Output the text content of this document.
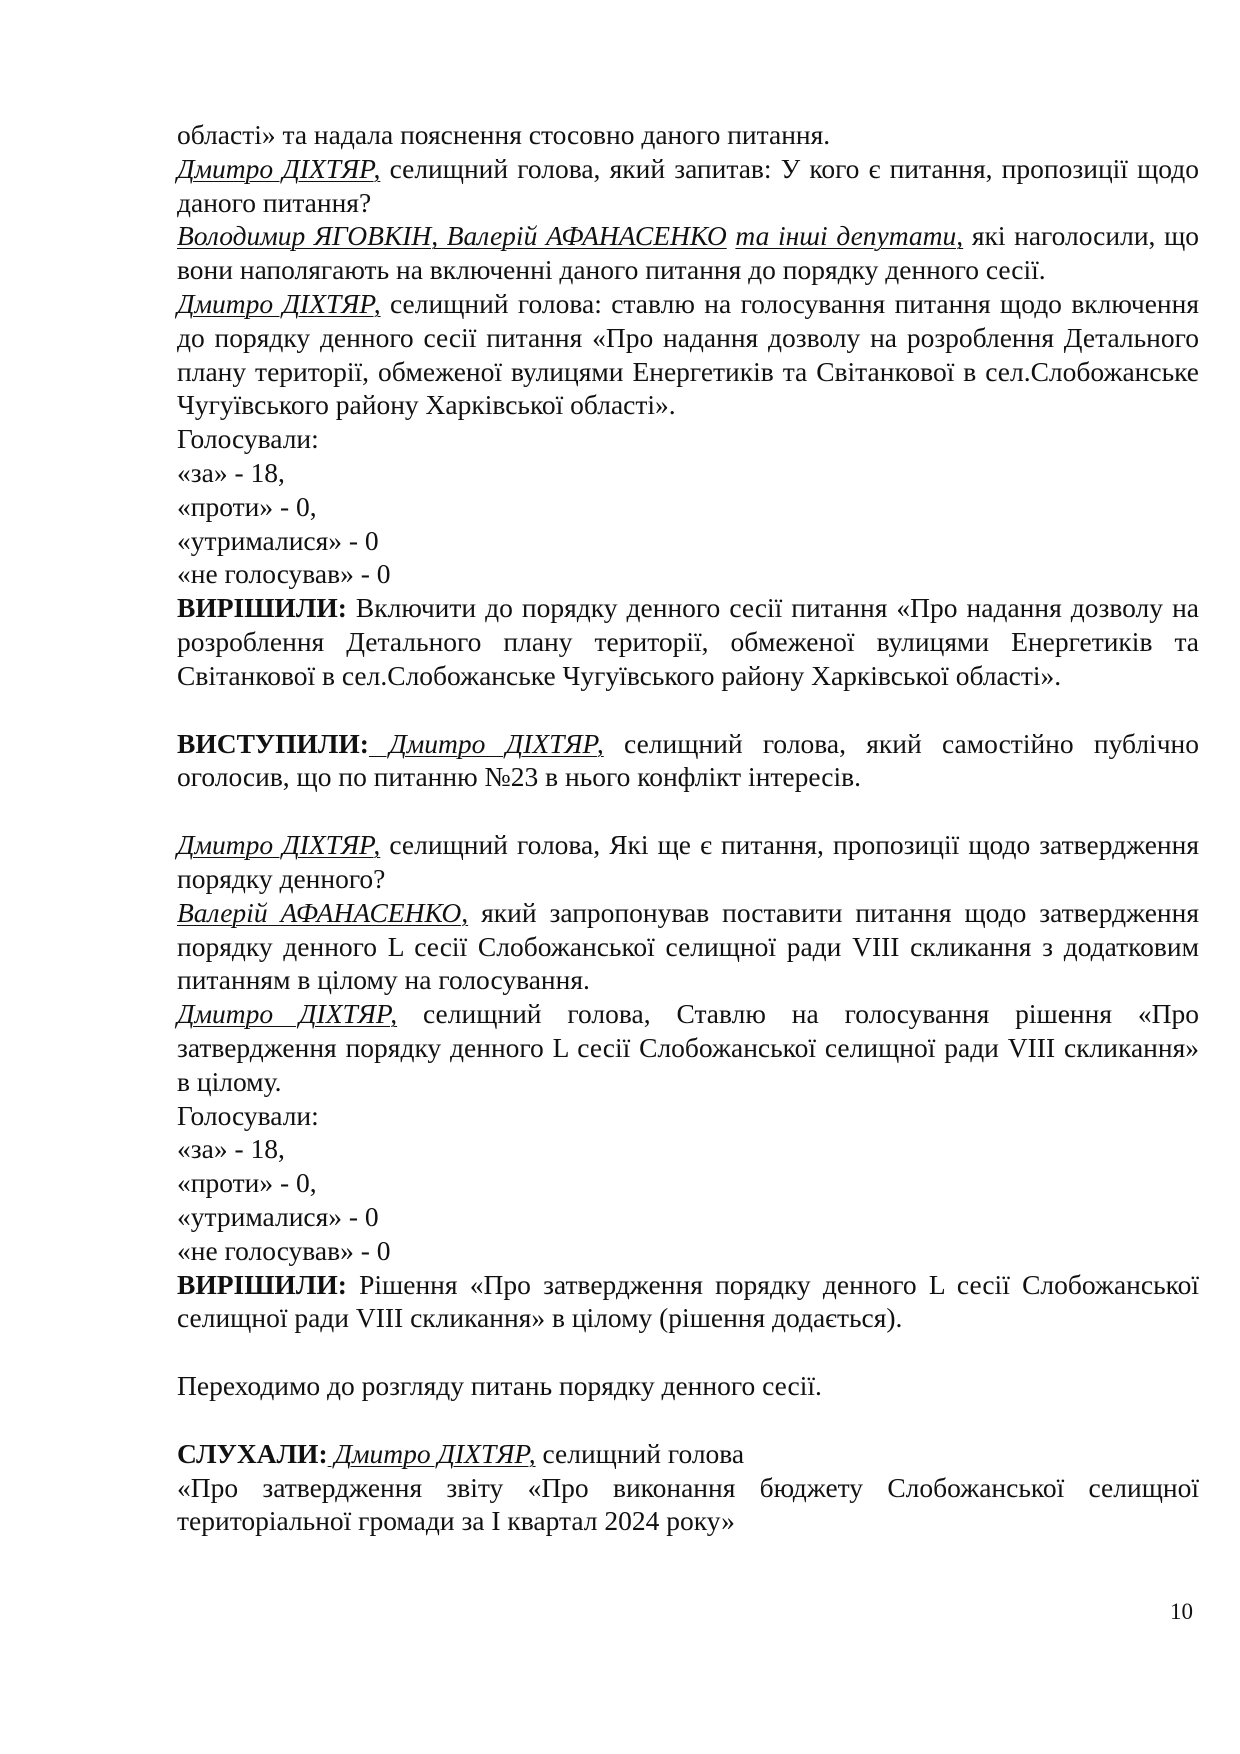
області» та надала пояснення стосовно даного питання.

Дмитро ДІХТЯР, селищний голова, який запитав: У кого є питання, пропозиції щодо даного питання?

Володимир ЯГОВКІН, Валерій АФАНАСЕНКО та інші депутати, які наголосили, що вони наполягають на включенні даного питання до порядку денного сесії.

Дмитро ДІХТЯР, селищний голова: ставлю на голосування питання щодо включення до порядку денного сесії питання «Про надання дозволу на розроблення Детального плану території, обмеженої вулицями Енергетиків та Світанкової в сел.Слобожанське Чугуївського району Харківської області».

Голосували:

«за» - 18,

«проти» - 0,

«утрималися» - 0

«не голосував» - 0

ВИРІШИЛИ: Включити до порядку денного сесії питання «Про надання дозволу на розроблення Детального плану території, обмеженої вулицями Енергетиків та Світанкової в сел.Слобожанське Чугуївського району Харківської області».

ВИСТУПИЛИ: Дмитро ДІХТЯР, селищний голова, який самостійно публічно оголосив, що по питанню №23 в нього конфлікт інтересів.

Дмитро ДІХТЯР, селищний голова, Які ще є питання, пропозиції щодо затвердження порядку денного?

Валерій АФАНАСЕНКО, який запропонував поставити питання щодо затвердження порядку денного L сесії Слобожанської селищної ради VIII скликання з додатковим питанням в цілому на голосування.

Дмитро ДІХТЯР, селищний голова, Ставлю на голосування рішення «Про затвердження порядку денного L сесії Слобожанської селищної ради VIII скликання» в цілому.

Голосували:

«за» - 18,

«проти» - 0,

«утрималися» - 0

«не голосував» - 0

ВИРІШИЛИ: Рішення «Про затвердження порядку денного L сесії Слобожанської селищної ради VIII скликання» в цілому (рішення додається).

Переходимо до розгляду питань порядку денного сесії.

СЛУХАЛИ: Дмитро ДІХТЯР, селищний голова

«Про затвердження звіту «Про виконання бюджету Слобожанської селищної територіальної громади за І квартал 2024 року»

10
